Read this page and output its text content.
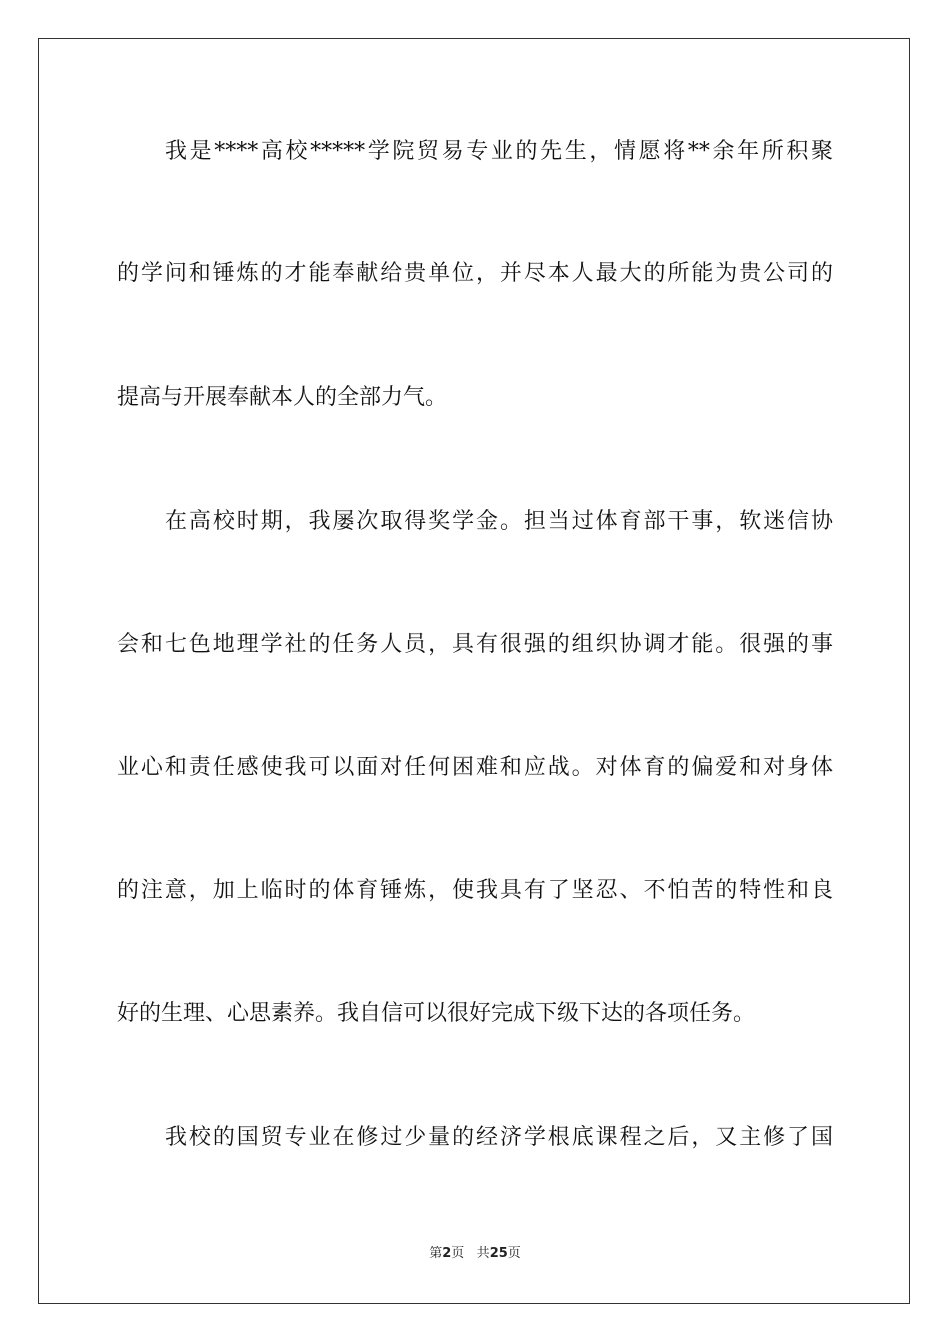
我是****高校*****学院贸易专业的先生，情愿将**余年所积聚
的学问和锤炼的才能奉献给贵单位，并尽本人最大的所能为贵公司的
提高与开展奉献本人的全部力气。
在高校时期，我屡次取得奖学金。担当过体育部干事，软迷信协
会和七色地理学社的任务人员，具有很强的组织协调才能。很强的事
业心和责任感使我可以面对任何困难和应战。对体育的偏爱和对身体
的注意，加上临时的体育锤炼，使我具有了坚忍、不怕苦的特性和良
好的生理、心思素养。我自信可以很好完成下级下达的各项任务。
我校的国贸专业在修过少量的经济学根底课程之后，又主修了国
第2页 共25页
